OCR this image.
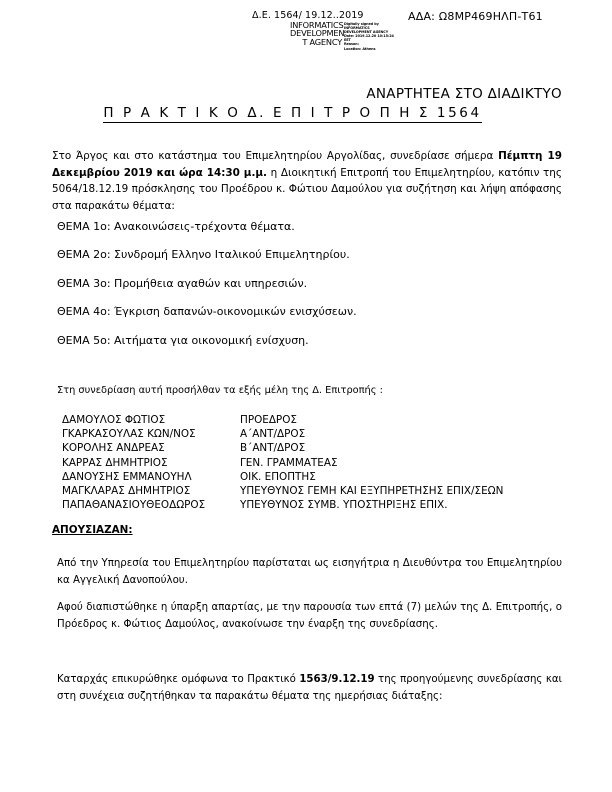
Δ.Ε. 1564/ 19.12..2019	ΑΔΑ: Ω8ΜΡ469ΗΛΠ-Τ61
INFORMATICS
DEVELOPMEN
T AGENCY
Digitally signed by
INFORMATICS
DEVELOPMENT AGENCY
Date: 2019.12.20 10:15:24
EET
Reason:
Location: Athens
ΑΝΑΡΤΗΤΕΑ ΣΤΟ ΔΙΑΔΙΚΤΥΟ
Π Ρ Α Κ Τ Ι Κ Ο Δ. Ε Π Ι Τ Ρ Ο Π Η Σ 1564
Στο Άργος και στο κατάστημα του Επιμελητηρίου Αργολίδας, συνεδρίασε σήμερα Πέμπτη 19 Δεκεμβρίου 2019 και ώρα 14:30 μ.μ. η Διοικητική Επιτροπή του Επιμελητηρίου, κατόπιν της 5064/18.12.19 πρόσκλησης του Προέδρου κ. Φώτιου Δαμούλου για συζήτηση και λήψη απόφασης στα παρακάτω θέματα:
ΘΕΜΑ 1ο: Ανακοινώσεις-τρέχοντα θέματα.
ΘΕΜΑ 2ο: Συνδρομή Ελληνο Ιταλικού Επιμελητηρίου.
ΘΕΜΑ 3ο: Προμήθεια αγαθών και υπηρεσιών.
ΘΕΜΑ 4ο: Έγκριση δαπανών-οικονομικών ενισχύσεων.
ΘΕΜΑ 5ο: Αιτήματα για οικονομική ενίσχυση.
Στη συνεδρίαση αυτή προσήλθαν τα εξής μέλη της Δ. Επιτροπής :
ΔΑΜΟΥΛΟΣ ΦΩΤΙΟΣ	ΠΡΟΕΔΡΟΣ
ΓΚΑΡΚΑΣΟΥΛΑΣ ΚΩΝ/ΝΟΣ	Α΄ΑΝΤ/ΔΡΟΣ
ΚΟΡΟΛΗΣ ΑΝΔΡΕΑΣ	Β΄ΑΝΤ/ΔΡΟΣ
ΚΑΡΡΑΣ ΔΗΜΗΤΡΙΟΣ	ΓΕΝ. ΓΡΑΜΜΑΤΕΑΣ
ΔΑΝΟΥΣΗΣ ΕΜΜΑΝΟΥΗΛ	ΟΙΚ. ΕΠΟΠΤΗΣ
ΜΑΓΚΛΑΡΑΣ ΔΗΜΗΤΡΙΟΣ	ΥΠΕΥΘΥΝΟΣ ΓΕΜΗ ΚΑΙ ΕΞΥΠΗΡΕΤΗΣΗΣ ΕΠΙΧ/ΣΕΩΝ
ΠΑΠΑΘΑΝΑΣΙΟΥΘΕΟΔΩΡΟΣ	ΥΠΕΥΘΥΝΟΣ ΣΥΜΒ. ΥΠΟΣΤΗΡΙΞΗΣ ΕΠΙΧ.
ΑΠΟΥΣΙΑΖΑΝ:
Από την Υπηρεσία του Επιμελητηρίου παρίσταται ως εισηγήτρια η Διευθύντρα του Επιμελητηρίου κα Αγγελική Δανοπούλου.
Αφού διαπιστώθηκε η ύπαρξη απαρτίας, με την παρουσία των επτά (7) μελών της Δ. Επιτροπής, ο Πρόεδρος κ. Φώτιος Δαμούλος, ανακοίνωσε την έναρξη της συνεδρίασης.
Καταρχάς επικυρώθηκε ομόφωνα το Πρακτικό 1563/9.12.19 της προηγούμενης συνεδρίασης και στη συνέχεια συζητήθηκαν τα παρακάτω θέματα της ημερήσιας διάταξης:
